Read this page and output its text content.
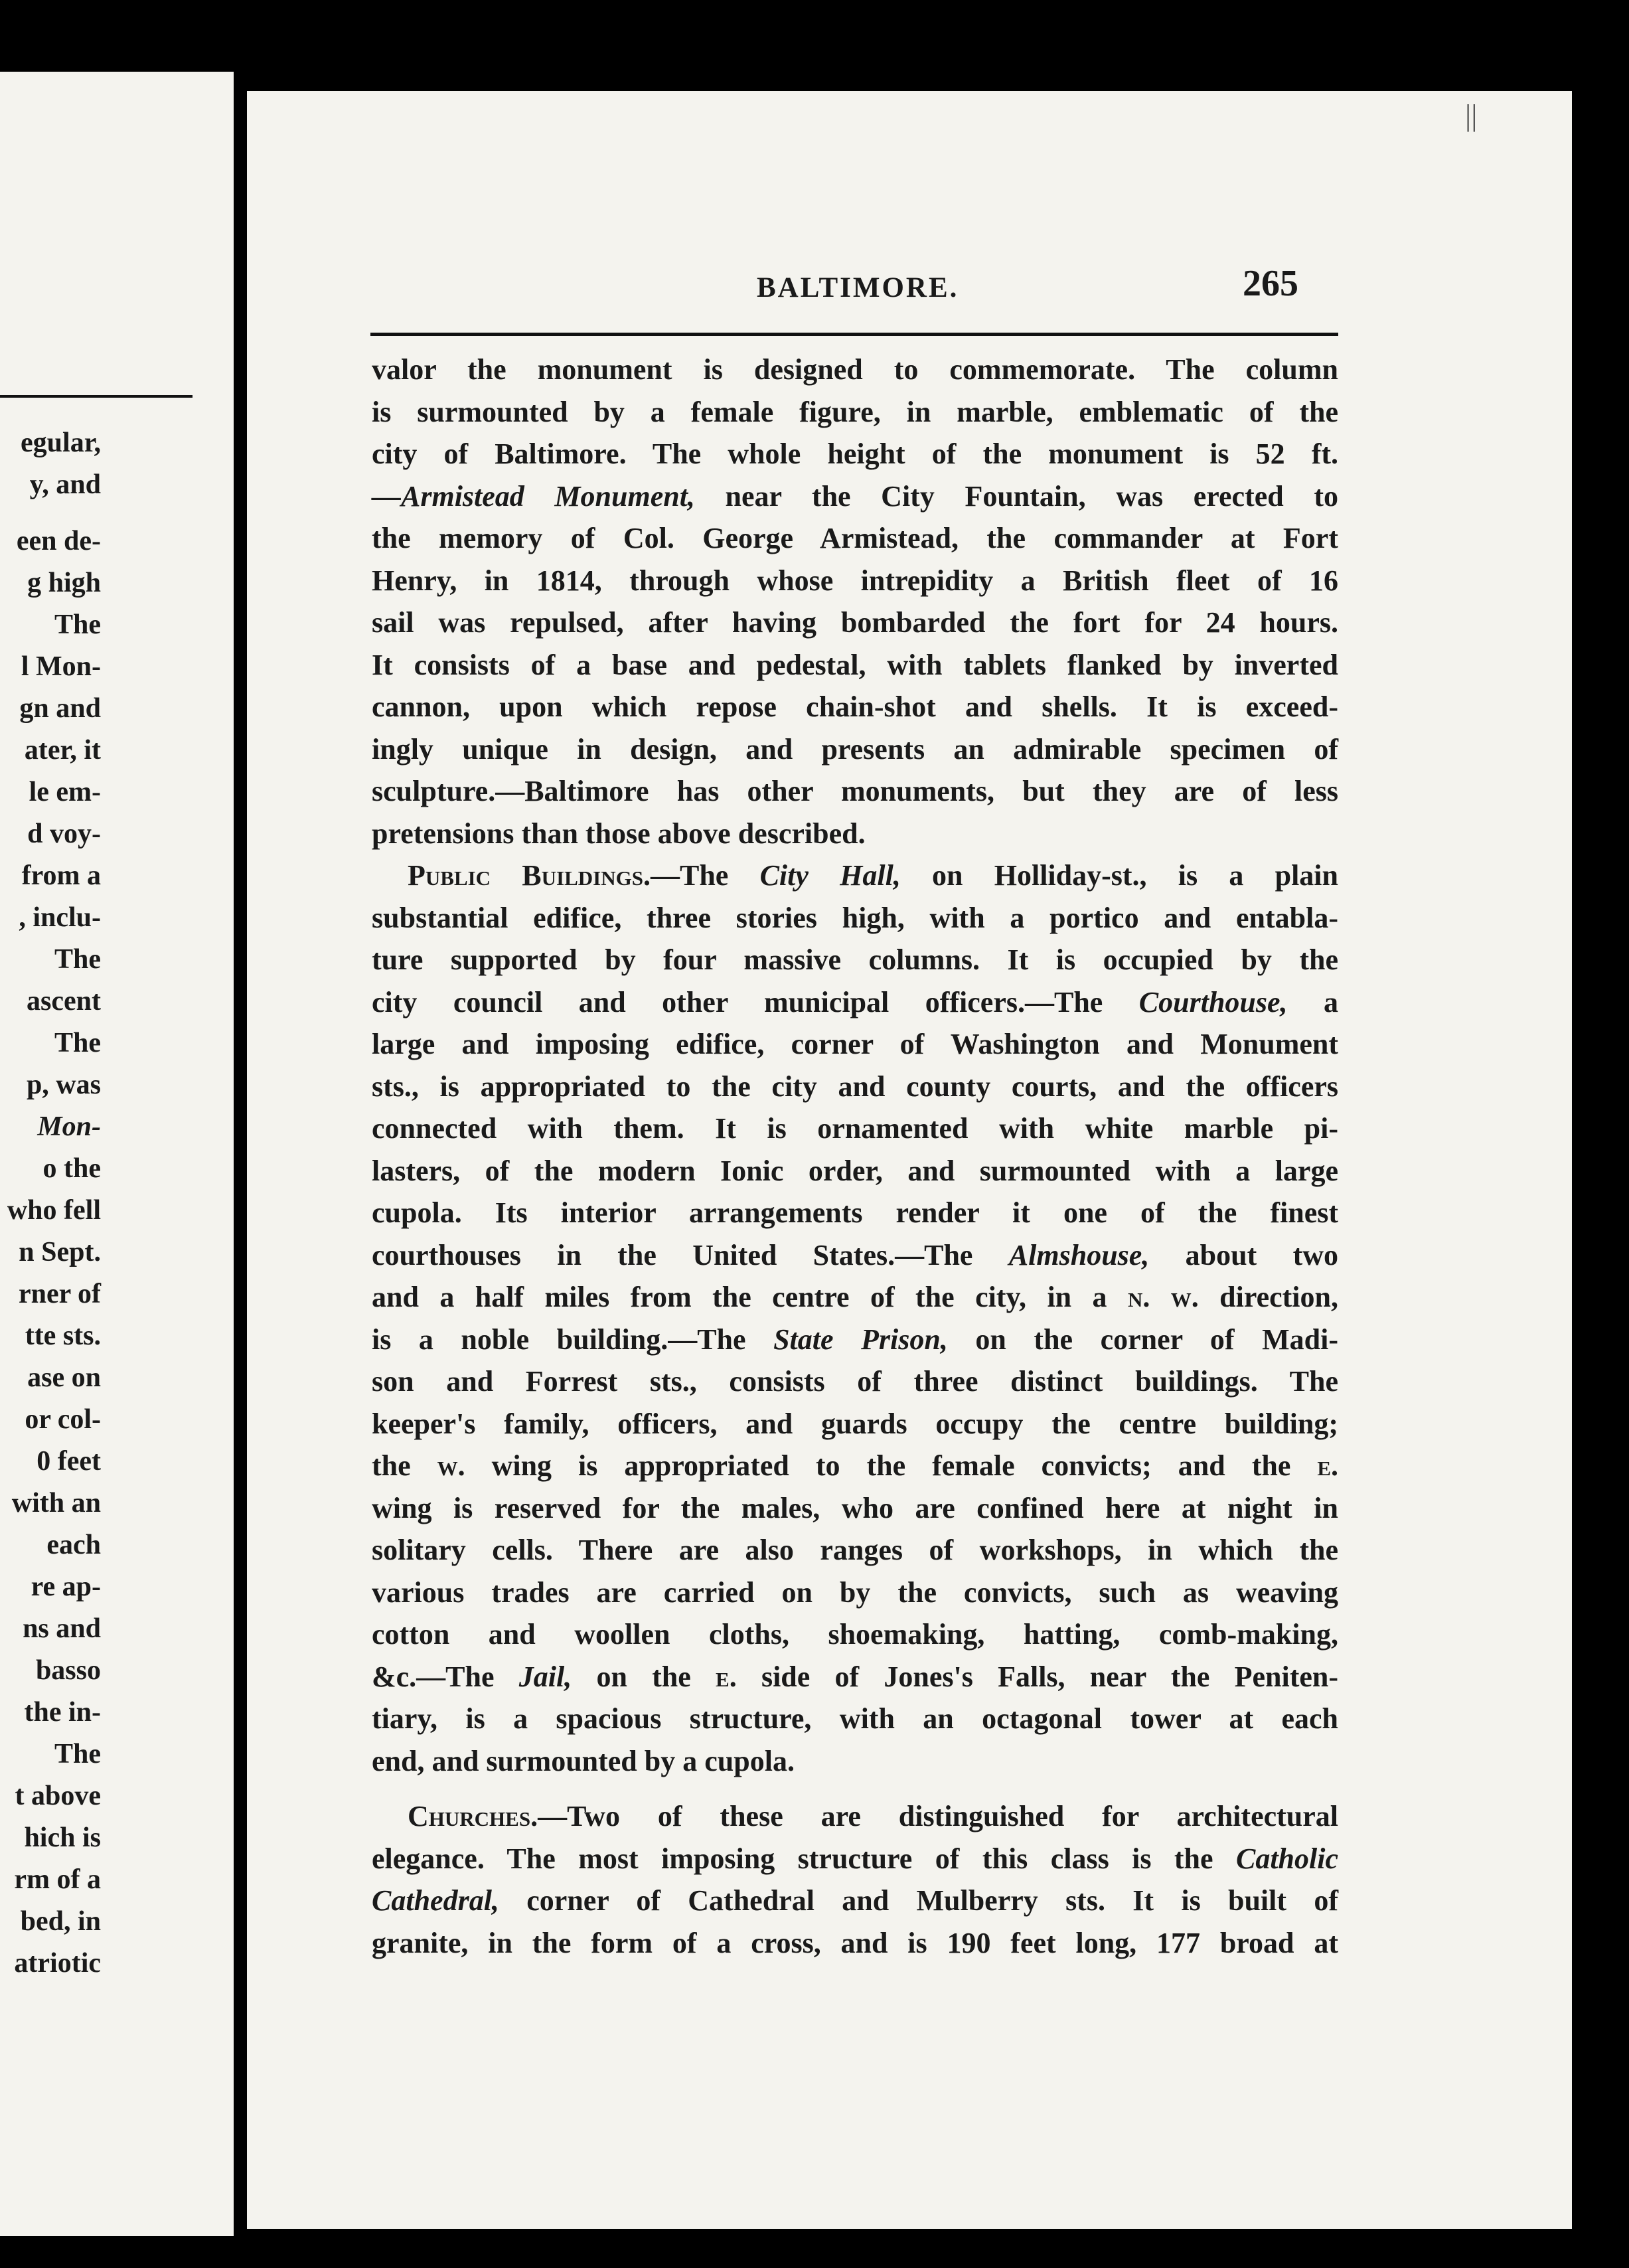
egular,
y, and
een de-
g high
The
l Mon-
gn and
ater, it
le em-
d voy-
from a
, inclu-
The
ascent
The
p, was
Mon-
o the
who fell
n Sept.
rner of
tte sts.
ase on
or col-
0 feet
with an
each
re ap-
ns and
basso
the in-
The
t above
hich is
rm of a
bed, in
atriotic
||
BALTIMORE.	265
valor the monument is designed to commemorate. The column
is surmounted by a female figure, in marble, emblematic of the
city of Baltimore. The whole height of the monument is 52 ft.
—Armistead Monument, near the City Fountain, was erected to
the memory of Col. George Armistead, the commander at Fort
Henry, in 1814, through whose intrepidity a British fleet of 16
sail was repulsed, after having bombarded the fort for 24 hours.
It consists of a base and pedestal, with tablets flanked by inverted
cannon, upon which repose chain-shot and shells. It is exceed-
ingly unique in design, and presents an admirable specimen of
sculpture.—Baltimore has other monuments, but they are of less
pretensions than those above described.
Public Buildings.—The City Hall, on Holliday-st., is a plain
substantial edifice, three stories high, with a portico and entabla-
ture supported by four massive columns. It is occupied by the
city council and other municipal officers.—The Courthouse, a
large and imposing edifice, corner of Washington and Monument
sts., is appropriated to the city and county courts, and the officers
connected with them. It is ornamented with white marble pi-
lasters, of the modern Ionic order, and surmounted with a large
cupola. Its interior arrangements render it one of the finest
courthouses in the United States.—The Almshouse, about two
and a half miles from the centre of the city, in a n. w. direction,
is a noble building.—The State Prison, on the corner of Madi-
son and Forrest sts., consists of three distinct buildings. The
keeper's family, officers, and guards occupy the centre building;
the w. wing is appropriated to the female convicts; and the e.
wing is reserved for the males, who are confined here at night in
solitary cells. There are also ranges of workshops, in which the
various trades are carried on by the convicts, such as weaving
cotton and woollen cloths, shoemaking, hatting, comb-making,
&c.—The Jail, on the e. side of Jones's Falls, near the Peniten-
tiary, is a spacious structure, with an octagonal tower at each
end, and surmounted by a cupola.
Churches.—Two of these are distinguished for architectural
elegance. The most imposing structure of this class is the Catholic
Cathedral, corner of Cathedral and Mulberry sts. It is built of
granite, in the form of a cross, and is 190 feet long, 177 broad at
